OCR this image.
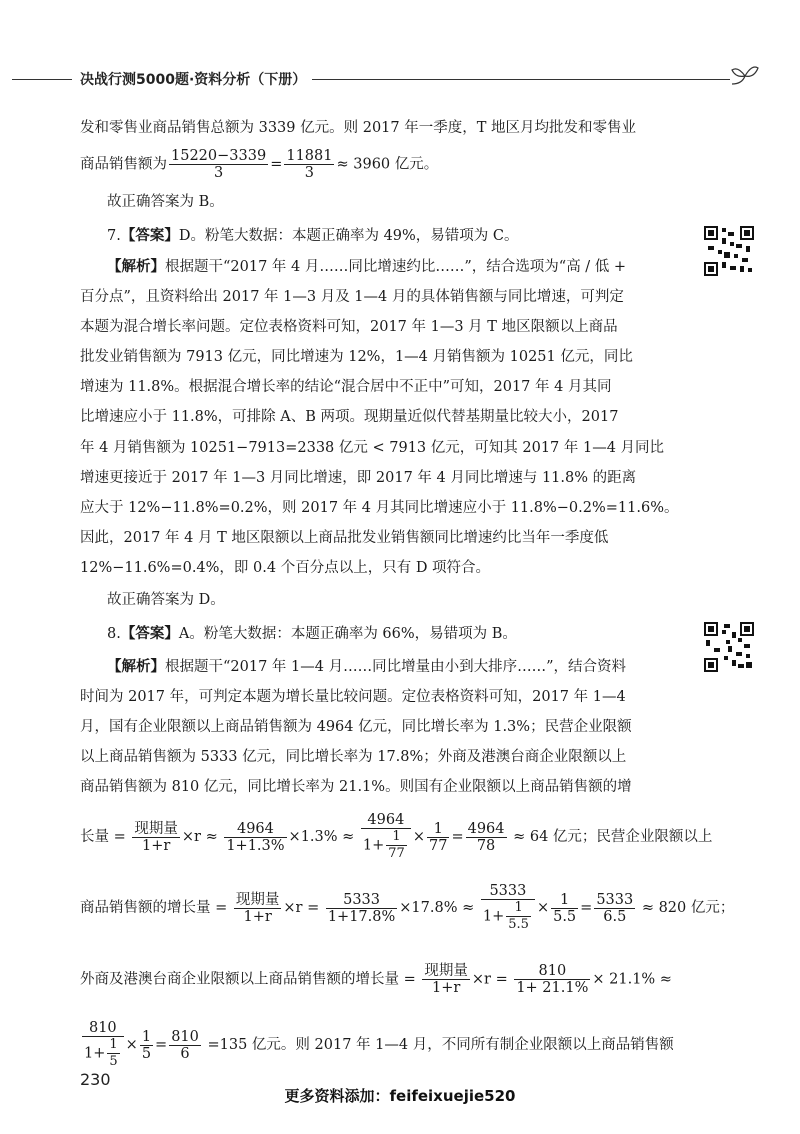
决战行测5000题·资料分析（下册）
发和零售业商品销售总额为 3339 亿元。则 2017 年一季度，T 地区月均批发和零售业
商品销售额为 $\frac{15220-3339}{3} = \frac{11881}{3} \approx 3960$ 亿元。
故正确答案为 B。
7.【答案】D。粉笔大数据：本题正确率为 49%，易错项为 C。
【解析】根据题干“2017 年 4 月……同比增速约比……”，结合选项为“高 / 低 +
百分点”，且资料给出 2017 年 1—3 月及 1—4 月的具体销售额与同比增速，可判定
本题为混合增长率问题。定位表格资料可知，2017 年 1—3 月 T 地区限额以上商品
批发业销售额为 7913 亿元，同比增速为 12%，1—4 月销售额为 10251 亿元，同比
增速为 11.8%。根据混合增长率的结论“混合居中不正中”可知，2017 年 4 月其同
比增速应小于 11.8%，可排除 A、B 两项。现期量近似代替基期量比较大小，2017
年 4 月销售额为 10251−7913=2338 亿元 < 7913 亿元，可知其 2017 年 1—4 月同比
增速更接近于 2017 年 1—3 月同比增速，即 2017 年 4 月同比增速与 11.8% 的距离
应大于 12%−11.8%=0.2%，则 2017 年 4 月其同比增速应小于 11.8%−0.2%=11.6%。
因此，2017 年 4 月 T 地区限额以上商品批发业销售额同比增速约比当年一季度低
12%−11.6%=0.4%，即 0.4 个百分点以上，只有 D 项符合。
故正确答案为 D。
8.【答案】A。粉笔大数据：本题正确率为 66%，易错项为 B。
【解析】根据题干“2017 年 1—4 月……同比增量由小到大排序……”，结合资料
时间为 2017 年，可判定本题为增长量比较问题。定位表格资料可知，2017 年 1—4
月，国有企业限额以上商品销售额为 4964 亿元，同比增长率为 1.3%；民营企业限额
以上商品销售额为 5333 亿元，同比增长率为 17.8%；外商及港澳台商企业限额以上
商品销售额为 810 亿元，同比增长率为 21.1%。则国有企业限额以上商品销售额的增
长量 = $\frac{\text{现期量}}{1+r} \times r \approx \frac{4964}{1+1.3\%} \times 1.3\% \approx \frac{4964}{1+ \frac{1}{77}} \times \frac{1}{77} = \frac{4964}{78} \approx 64$ 亿元；民营企业限额以上
商品销售额的增长量 = $\frac{\text{现期量}}{1+r} \times r = \frac{5333}{1+17.8\%} \times 17.8\% \approx \frac{5333}{1+ \frac{1}{5.5}} \times \frac{1}{5.5} = \frac{5333}{6.5} \approx 820$ 亿元；
外商及港澳台商企业限额以上商品销售额的增长量 = $\frac{\text{现期量}}{1+r} \times r = \frac{810}{1+ 21.1\%} \times 21.1\%$ ≈
$\frac{810}{1+ \frac{1}{5}} \times \frac{1}{5} = \frac{810}{6} =135$ 亿元。则 2017 年 1—4 月，不同所有制企业限额以上商品销售额
230
更多资料添加：feifeixuejie520
